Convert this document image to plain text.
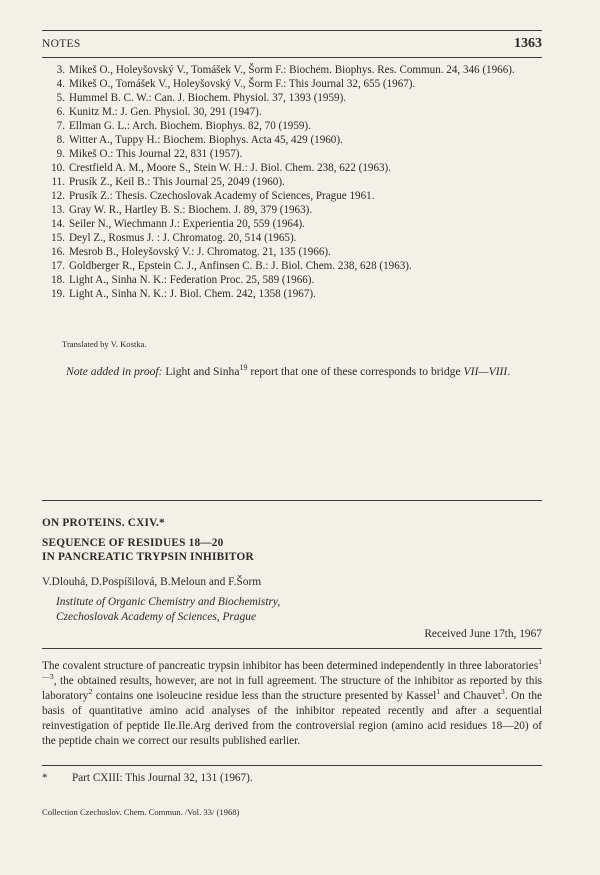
NOTES	1363
3. Mikeš O., Holeyšovský V., Tomášek V., Šorm F.: Biochem. Biophys. Res. Commun. 24, 346 (1966).
4. Mikeš O., Tomášek V., Holeyšovský V., Šorm F.: This Journal 32, 655 (1967).
5. Hummel B. C. W.: Can. J. Biochem. Physiol. 37, 1393 (1959).
6. Kunitz M.: J. Gen. Physiol. 30, 291 (1947).
7. Ellman G. L.: Arch. Biochem. Biophys. 82, 70 (1959).
8. Witter A., Tuppy H.: Biochem. Biophys. Acta 45, 429 (1960).
9. Mikeš O.: This Journal 22, 831 (1957).
10. Crestfield A. M., Moore S., Stein W. H.: J. Biol. Chem. 238, 622 (1963).
11. Prusík Z., Keil B.: This Journal 25, 2049 (1960).
12. Prusík Z.: Thesis. Czechoslovak Academy of Sciences, Prague 1961.
13. Gray W. R., Hartley B. S.: Biochem. J. 89, 379 (1963).
14. Seiler N., Wiechmann J.: Experientia 20, 559 (1964).
15. Deyl Z., Rosmus J. : J. Chromatog. 20, 514 (1965).
16. Mesrob B., Holeyšovský V.: J. Chromatog. 21, 135 (1966).
17. Goldberger R., Epstein C. J., Anfinsen C. B.: J. Biol. Chem. 238, 628 (1963).
18. Light A., Sinha N. K.: Federation Proc. 25, 589 (1966).
19. Light A., Sinha N. K.: J. Biol. Chem. 242, 1358 (1967).
Translated by V. Kostka.
Note added in proof: Light and Sinha$^{19}$ report that one of these corresponds to bridge VII—VIII.
ON PROTEINS. CXIV.*
SEQUENCE OF RESIDUES 18—20
IN PANCREATIC TRYPSIN INHIBITOR
V.Dlouhá, D.Pospíšilová, B.Meloun and F.Šorm
Institute of Organic Chemistry and Biochemistry,
Czechoslovak Academy of Sciences, Prague
Received June 17th, 1967
The covalent structure of pancreatic trypsin inhibitor has been determined independently in three laboratories$^{1—3}$, the obtained results, however, are not in full agreement. The structure of the inhibitor as reported by this laboratory$^2$ contains one isoleucine residue less than the structure presented by Kassel$^1$ and Chauvet$^3$. On the basis of quantitative amino acid analyses of the inhibitor repeated recently and after a sequential reinvestigation of peptide Ile.Ile.Arg derived from the controversial region (amino acid residues 18—20) of the peptide chain we correct our results published earlier.
* Part CXIII: This Journal 32, 131 (1967).
Collection Czechoslov. Chem. Commun. /Vol. 33/ (1968)
